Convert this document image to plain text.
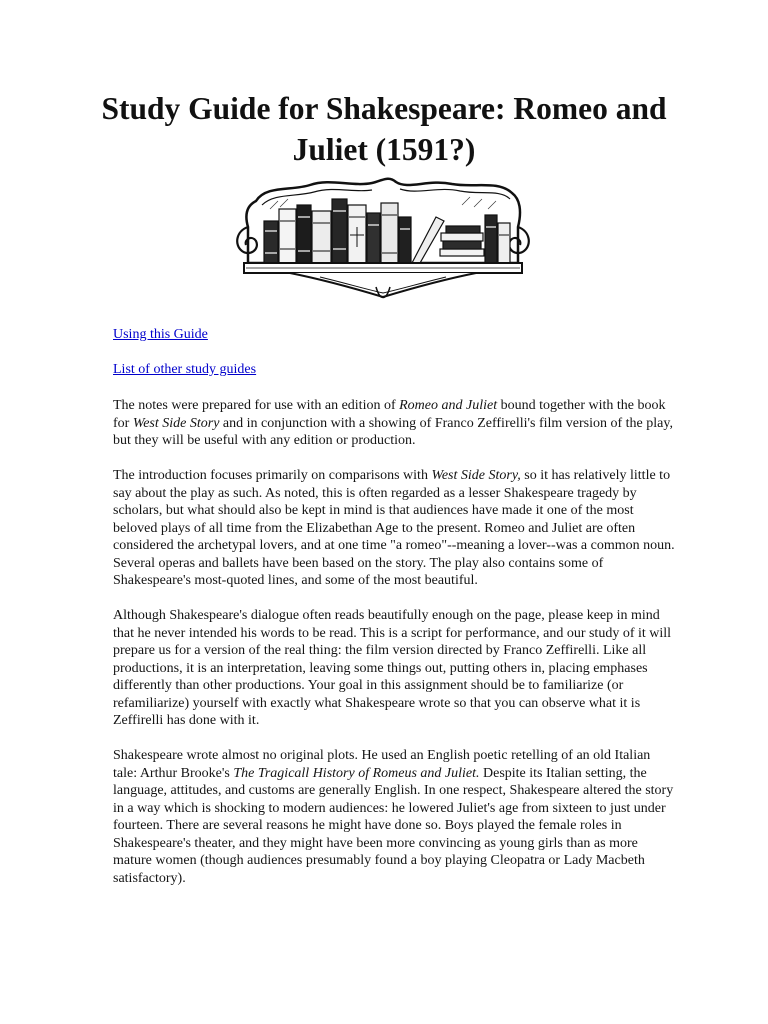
Study Guide for Shakespeare: Romeo and Juliet (1591?)
Using this Guide
List of other study guides

The notes were prepared for use with an edition of Romeo and Juliet bound together with the book for West Side Story and in conjunction with a showing of Franco Zeffirelli's film version of the play, but they will be useful with any edition or production.

The introduction focuses primarily on comparisons with West Side Story, so it has relatively little to say about the play as such. As noted, this is often regarded as a lesser Shakespeare tragedy by scholars, but what should also be kept in mind is that audiences have made it one of the most beloved plays of all time from the Elizabethan Age to the present. Romeo and Juliet are often considered the archetypal lovers, and at one time "a romeo"--meaning a lover--was a common noun. Several operas and ballets have been based on the story. The play also contains some of Shakespeare's most-quoted lines, and some of the most beautiful.

Although Shakespeare's dialogue often reads beautifully enough on the page, please keep in mind that he never intended his words to be read. This is a script for performance, and our study of it will prepare us for a version of the real thing: the film version directed by Franco Zeffirelli. Like all productions, it is an interpretation, leaving some things out, putting others in, placing emphases differently than other productions. Your goal in this assignment should be to familiarize (or refamiliarize) yourself with exactly what Shakespeare wrote so that you can observe what it is Zeffirelli has done with it.

Shakespeare wrote almost no original plots. He used an English poetic retelling of an old Italian tale: Arthur Brooke's The Tragicall History of Romeus and Juliet. Despite its Italian setting, the language, attitudes, and customs are generally English. In one respect, Shakespeare altered the story in a way which is shocking to modern audiences: he lowered Juliet's age from sixteen to just under fourteen. There are several reasons he might have done so. Boys played the female roles in Shakespeare's theater, and they might have been more convincing as young girls than as more mature women (though audiences presumably found a boy playing Cleopatra or Lady Macbeth satisfactory).
